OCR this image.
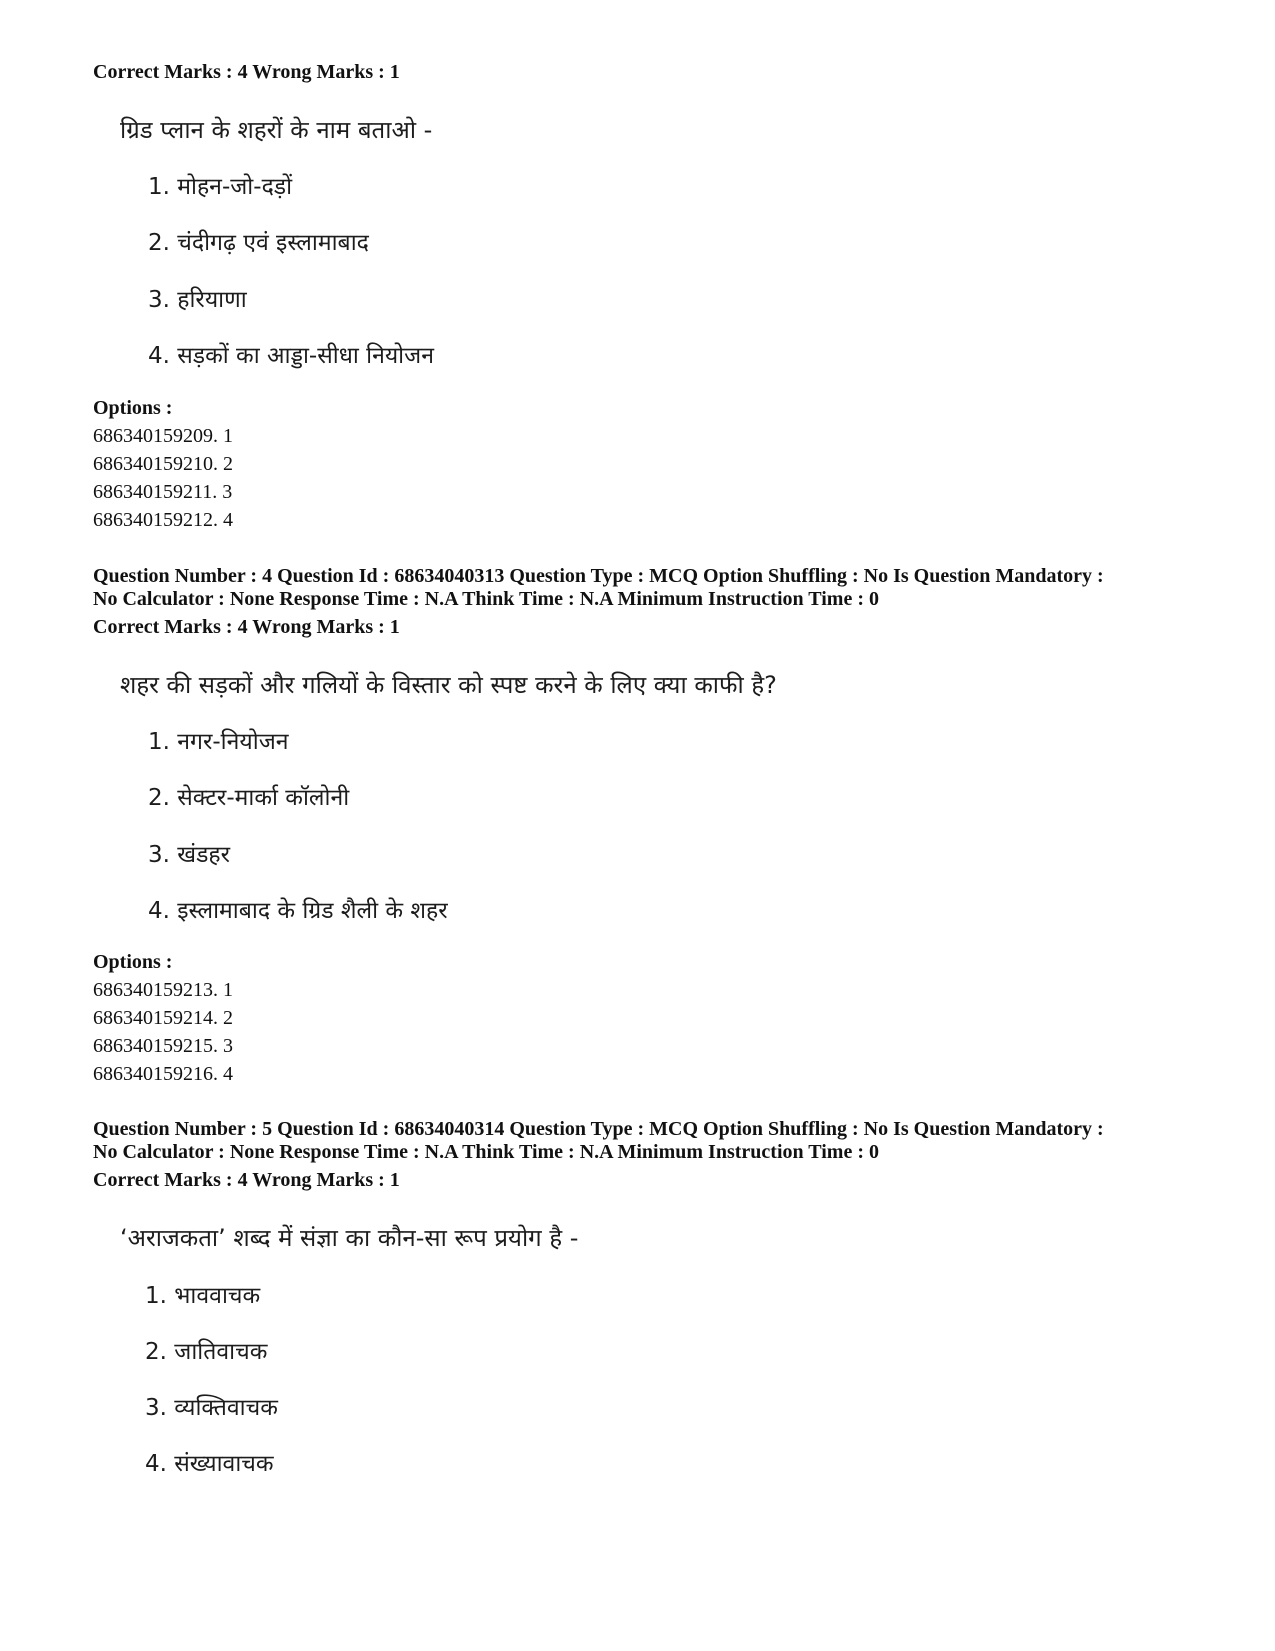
Correct Marks : 4 Wrong Marks : 1
ग्रिड प्लान के शहरों के नाम बताओ -
1. मोहन-जो-दड़ों
2. चंदीगढ़ एवं इस्लामाबाद
3. हरियाणा
4. सड़कों का आड्डा-सीधा नियोजन
Options :
686340159209. 1
686340159210. 2
686340159211. 3
686340159212. 4
Question Number : 4 Question Id : 68634040313 Question Type : MCQ Option Shuffling : No Is Question Mandatory :
No Calculator : None Response Time : N.A Think Time : N.A Minimum Instruction Time : 0
Correct Marks : 4 Wrong Marks : 1
शहर की सड़कों और गलियों के विस्तार को स्पष्ट करने के लिए क्या काफी है?
1. नगर-नियोजन
2. सेक्टर-मार्का कॉलोनी
3. खंडहर
4. इस्लामाबाद के ग्रिड शैली के शहर
Options :
686340159213. 1
686340159214. 2
686340159215. 3
686340159216. 4
Question Number : 5 Question Id : 68634040314 Question Type : MCQ Option Shuffling : No Is Question Mandatory :
No Calculator : None Response Time : N.A Think Time : N.A Minimum Instruction Time : 0
Correct Marks : 4 Wrong Marks : 1
‘अराजकता’ शब्द में संज्ञा का कौन-सा रूप प्रयोग है -
1. भाववाचक
2. जातिवाचक
3. व्यक्तिवाचक
4. संख्यावाचक
